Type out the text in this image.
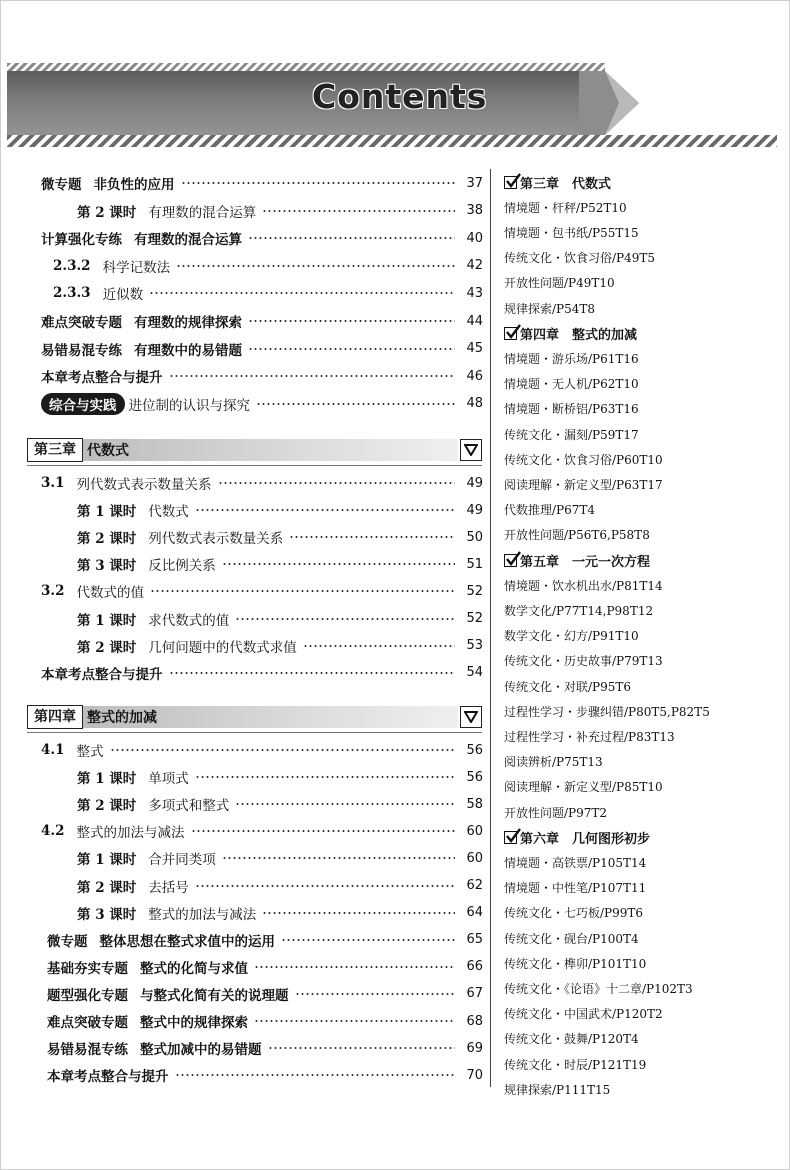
Contents
微专题 非负性的应用	37
第 2 课时 有理数的混合运算	38
计算强化专练 有理数的混合运算	40
2.3.2 科学记数法	42
2.3.3 近似数	43
难点突破专题 有理数的规律探索	44
易错易混专练 有理数中的易错题	45
本章考点整合与提升	46
综合与实践 进位制的认识与探究	48
第三章 代数式
3.1 列代数式表示数量关系	49
第 1 课时 代数式	49
第 2 课时 列代数式表示数量关系	50
第 3 课时 反比例关系	51
3.2 代数式的值	52
第 1 课时 求代数式的值	52
第 2 课时 几何问题中的代数式求值	53
本章考点整合与提升	54
第四章 整式的加减
4.1 整式	56
第 1 课时 单项式	56
第 2 课时 多项式和整式	58
4.2 整式的加法与减法	60
第 1 课时 合并同类项	60
第 2 课时 去括号	62
第 3 课时 整式的加法与减法	64
微专题 整体思想在整式求值中的运用	65
基础夯实专题 整式的化简与求值	66
题型强化专题 与整式化简有关的说理题	67
难点突破专题 整式中的规律探索	68
易错易混专练 整式加减中的易错题	69
本章考点整合与提升	70
第三章　代数式
情境题・杆秤/P52T10
情境题・包书纸/P55T15
传统文化・饮食习俗/P49T5
开放性问题/P49T10
规律探索/P54T8
第四章　整式的加减
情境题・游乐场/P61T16
情境题・无人机/P62T10
情境题・断桥铝/P63T16
传统文化・漏刻/P59T17
传统文化・饮食习俗/P60T10
阅读理解・新定义型/P63T17
代数推理/P67T4
开放性问题/P56T6,P58T8
第五章　一元一次方程
情境题・饮水机出水/P81T14
数学文化/P77T14,P98T12
数学文化・幻方/P91T10
传统文化・历史故事/P79T13
传统文化・对联/P95T6
过程性学习・步骤纠错/P80T5,P82T5
过程性学习・补充过程/P83T13
阅读辨析/P75T13
阅读理解・新定义型/P85T10
开放性问题/P97T2
第六章　几何图形初步
情境题・高铁票/P105T14
情境题・中性笔/P107T11
传统文化・七巧板/P99T6
传统文化・砚台/P100T4
传统文化・榫卯/P101T10
传统文化・《论语》十二章/P102T3
传统文化・中国武术/P120T2
传统文化・鼓舞/P120T4
传统文化・时辰/P121T19
规律探索/P111T15
